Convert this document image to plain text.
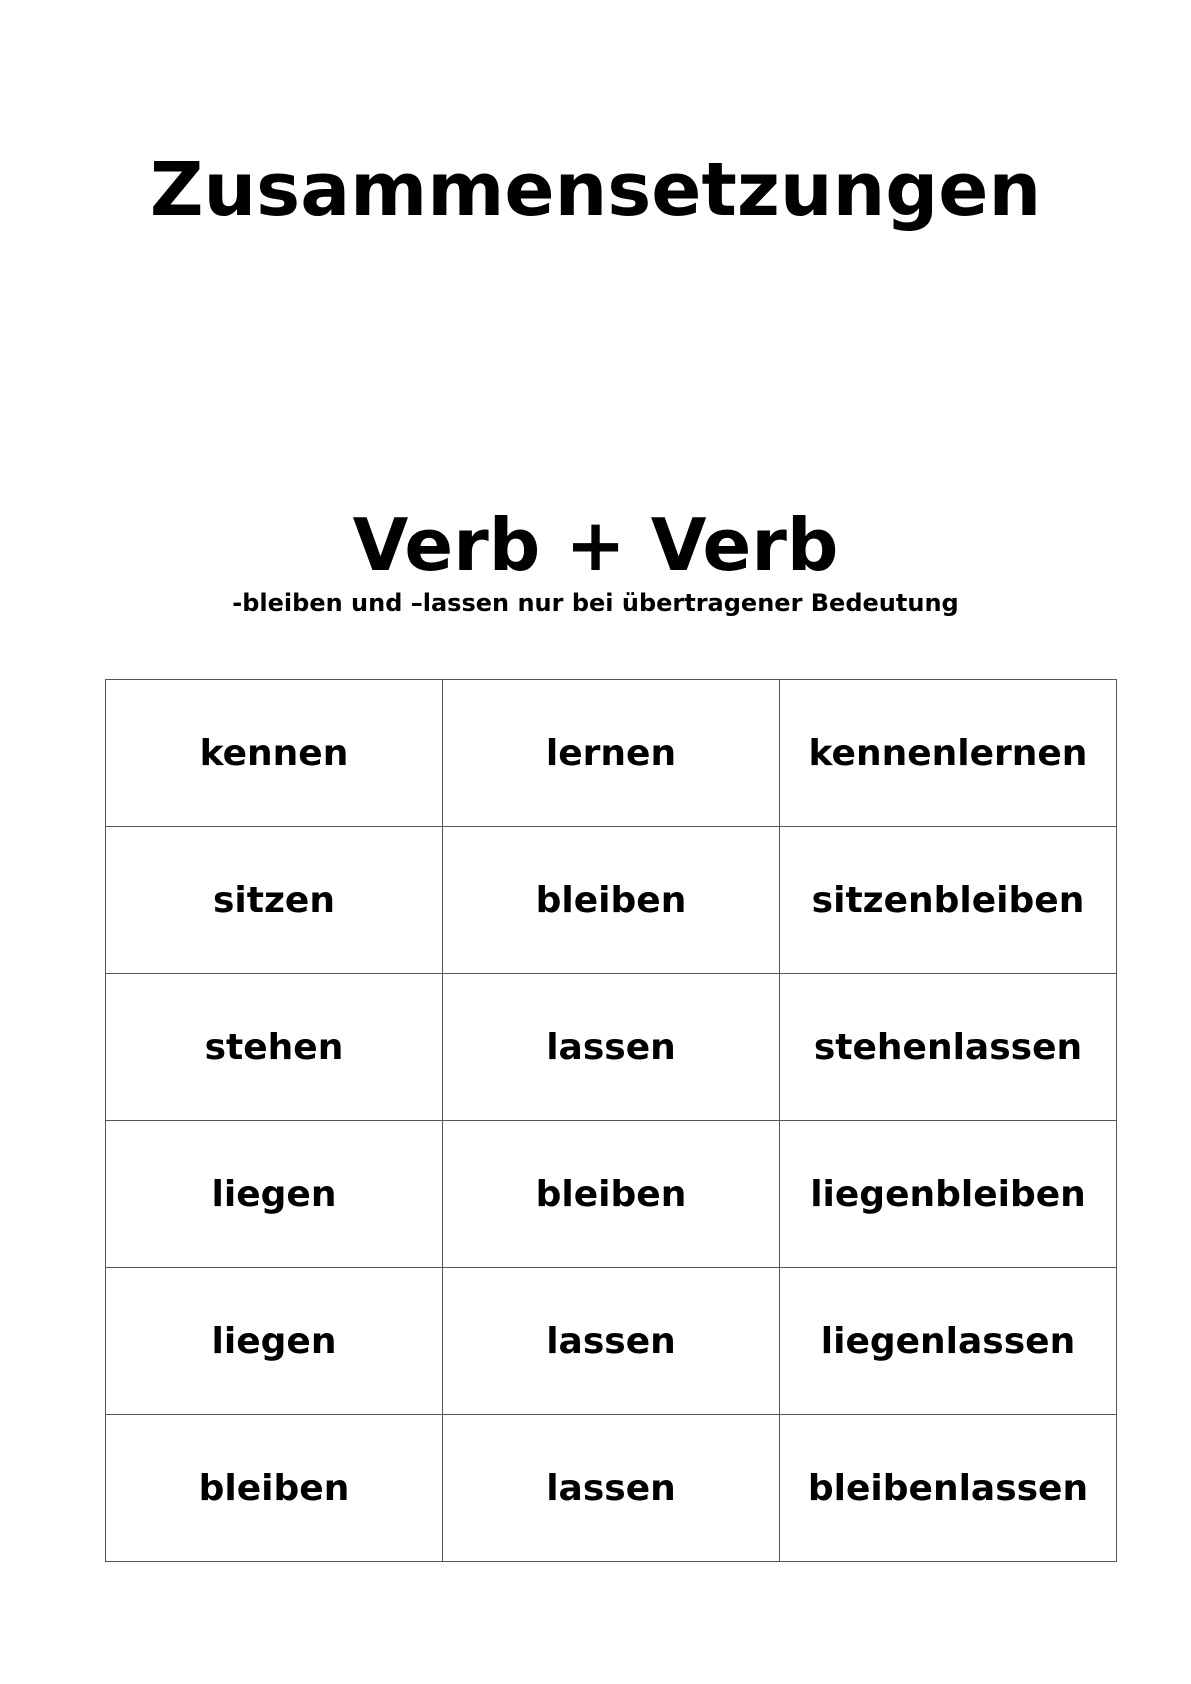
Zusammensetzungen
Verb + Verb
-bleiben und –lassen nur bei übertragener Bedeutung
kennen	lernen	kennenlernen
sitzen	bleiben	sitzenbleiben
stehen	lassen	stehenlassen
liegen	bleiben	liegenbleiben
liegen	lassen	liegenlassen
bleiben	lassen	bleibenlassen
